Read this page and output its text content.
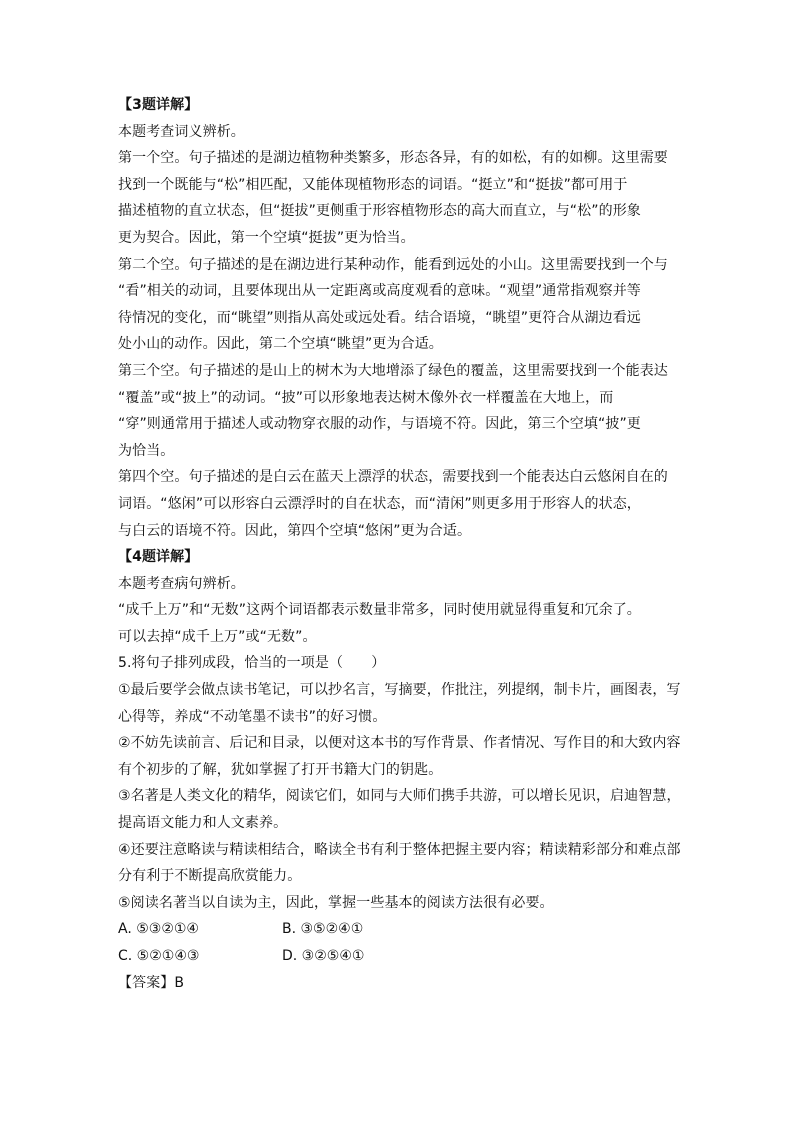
【3题详解】
本题考查词义辨析。
第一个空。句子描述的是湖边植物种类繁多，形态各异，有的如松，有的如柳。这里需要
找到一个既能与“松”相匹配，又能体现植物形态的词语。“挺立”和“挺拔”都可用于
描述植物的直立状态，但“挺拔”更侧重于形容植物形态的高大而直立，与“松”的形象
更为契合。因此，第一个空填“挺拔”更为恰当。
第二个空。句子描述的是在湖边进行某种动作，能看到远处的小山。这里需要找到一个与
“看”相关的动词，且要体现出从一定距离或高度观看的意味。“观望”通常指观察并等
待情况的变化，而“眺望”则指从高处或远处看。结合语境，“眺望”更符合从湖边看远
处小山的动作。因此，第二个空填“眺望”更为合适。
第三个空。句子描述的是山上的树木为大地增添了绿色的覆盖，这里需要找到一个能表达
“覆盖”或“披上”的动词。“披”可以形象地表达树木像外衣一样覆盖在大地上，而
“穿”则通常用于描述人或动物穿衣服的动作，与语境不符。因此，第三个空填“披”更
为恰当。
第四个空。句子描述的是白云在蓝天上漂浮的状态，需要找到一个能表达白云悠闲自在的
词语。“悠闲”可以形容白云漂浮时的自在状态，而“清闲”则更多用于形容人的状态，
与白云的语境不符。因此，第四个空填“悠闲”更为合适。
【4题详解】
本题考查病句辨析。
“成千上万”和“无数”这两个词语都表示数量非常多，同时使用就显得重复和冗余了。
可以去掉“成千上万”或“无数”。
5.将句子排列成段，恰当的一项是（　　）
①最后要学会做点读书笔记，可以抄名言，写摘要，作批注，列提纲，制卡片，画图表，写
心得等，养成“不动笔墨不读书”的好习惯。
②不妨先读前言、后记和目录，以便对这本书的写作背景、作者情况、写作目的和大致内容
有个初步的了解，犹如掌握了打开书籍大门的钥匙。
③名著是人类文化的精华，阅读它们，如同与大师们携手共游，可以增长见识，启迪智慧，
提高语文能力和人文素养。
④还要注意略读与精读相结合，略读全书有利于整体把握主要内容；精读精彩部分和难点部
分有利于不断提高欣赏能力。
⑤阅读名著当以自读为主，因此，掌握一些基本的阅读方法很有必要。
A. ⑤③②①④	B. ③⑤②④①
C. ⑤②①④③	D. ③②⑤④①
【答案】B
